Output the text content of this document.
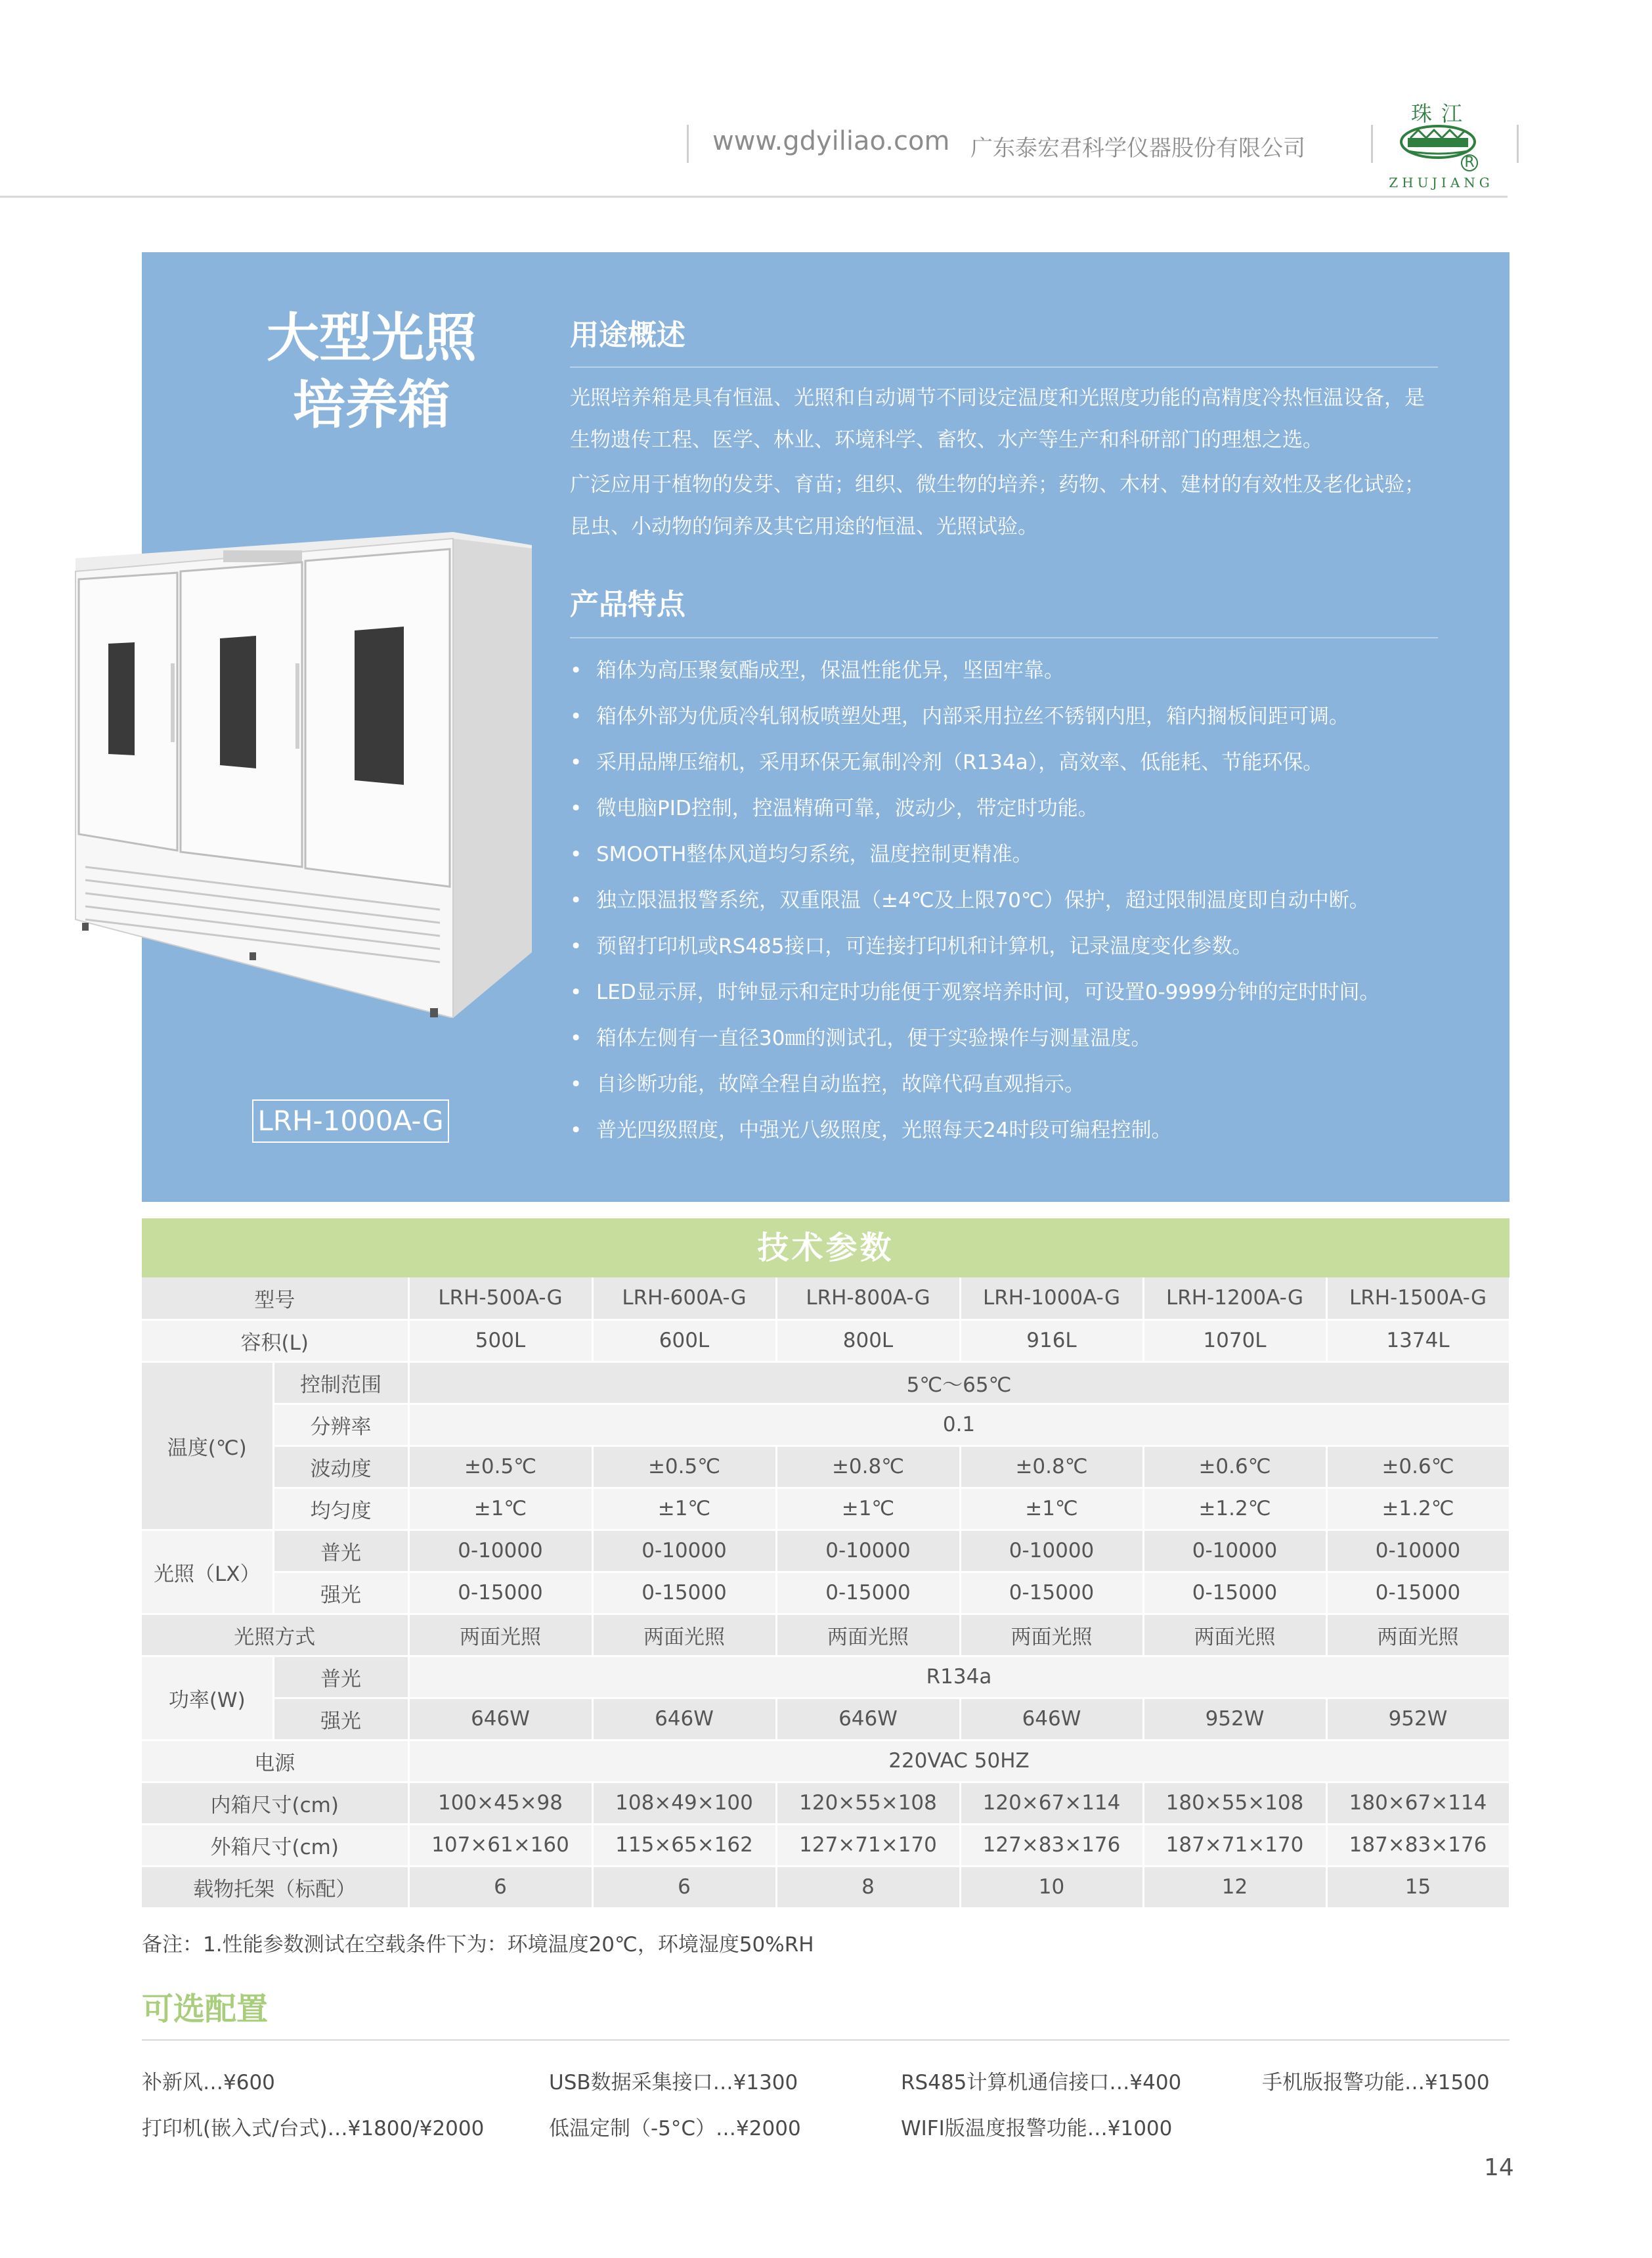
www.gdyiliao.com 广东泰宏君科学仪器股份有限公司
珠江
ZHUJIANG
R
大型光照
培养箱
用途概述
光照培养箱是具有恒温、光照和自动调节不同设定温度和光照度功能的高精度冷热恒温设备，是生物遗传工程、医学、林业、环境科学、畜牧、水产等生产和科研部门的理想之选。
广泛应用于植物的发芽、育苗；组织、微生物的培养；药物、木材、建材的有效性及老化试验；昆虫、小动物的饲养及其它用途的恒温、光照试验。
产品特点
• 箱体为高压聚氨酯成型，保温性能优异，坚固牢靠。
• 箱体外部为优质冷轧钢板喷塑处理，内部采用拉丝不锈钢内胆，箱内搁板间距可调。
• 采用品牌压缩机，采用环保无氟制冷剂（R134a），高效率、低能耗、节能环保。
• 微电脑PID控制，控温精确可靠，波动少，带定时功能。
• SMOOTH整体风道均匀系统，温度控制更精准。
• 独立限温报警系统，双重限温（±4℃及上限70℃）保护，超过限制温度即自动中断。
• 预留打印机或RS485接口，可连接打印机和计算机，记录温度变化参数。
• LED显示屏，时钟显示和定时功能便于观察培养时间，可设置0-9999分钟的定时时间。
• 箱体左侧有一直径30㎜的测试孔，便于实验操作与测量温度。
• 自诊断功能，故障全程自动监控，故障代码直观指示。
• 普光四级照度，中强光八级照度，光照每天24时段可编程控制。
LRH-1000A-G
技术参数
型号		LRH-500A-G	LRH-600A-G	LRH-800A-G	LRH-1000A-G	LRH-1200A-G	LRH-1500A-G
容积(L)		500L	600L	800L	916L	1070L	1374L
温度(℃)	控制范围	5℃～65℃					
	分辨率	0.1					
	波动度	±0.5℃	±0.5℃	±0.8℃	±0.8℃	±0.6℃	±0.6℃
	均匀度	±1℃	±1℃	±1℃	±1℃	±1.2℃	±1.2℃
光照（LX）	普光	0-10000	0-10000	0-10000	0-10000	0-10000	0-10000
	强光	0-15000	0-15000	0-15000	0-15000	0-15000	0-15000
光照方式		两面光照	两面光照	两面光照	两面光照	两面光照	两面光照
功率(W)	普光	R134a					
	强光	646W	646W	646W	646W	952W	952W
电源		220VAC 50HZ					
内箱尺寸(cm)		100×45×98	108×49×100	120×55×108	120×67×114	180×55×108	180×67×114
外箱尺寸(cm)		107×61×160	115×65×162	127×71×170	127×83×176	187×71×170	187×83×176
载物托架（标配）		6	6	8	10	12	15
备注：1.性能参数测试在空载条件下为：环境温度20℃，环境湿度50%RH
可选配置
补新风…¥600	USB数据采集接口…¥1300	RS485计算机通信接口…¥400	手机版报警功能…¥1500
打印机(嵌入式/台式)…¥1800/¥2000	低温定制（-5°C）…¥2000	WIFI版温度报警功能…¥1000
14
